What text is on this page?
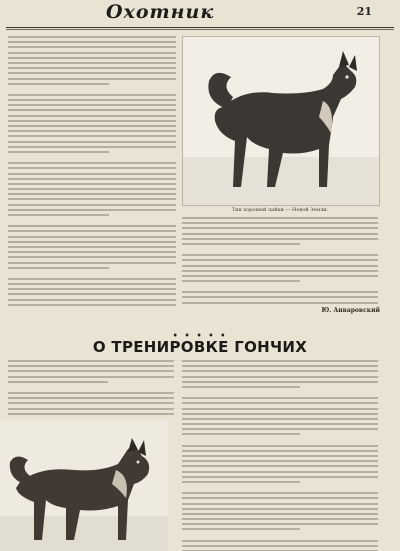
Охотник	21
Тип хорошей лайки — Новой Земли.
Ю. Анваровский
• • • • •
О ТРЕНИРОВКЕ ГОНЧИХ
